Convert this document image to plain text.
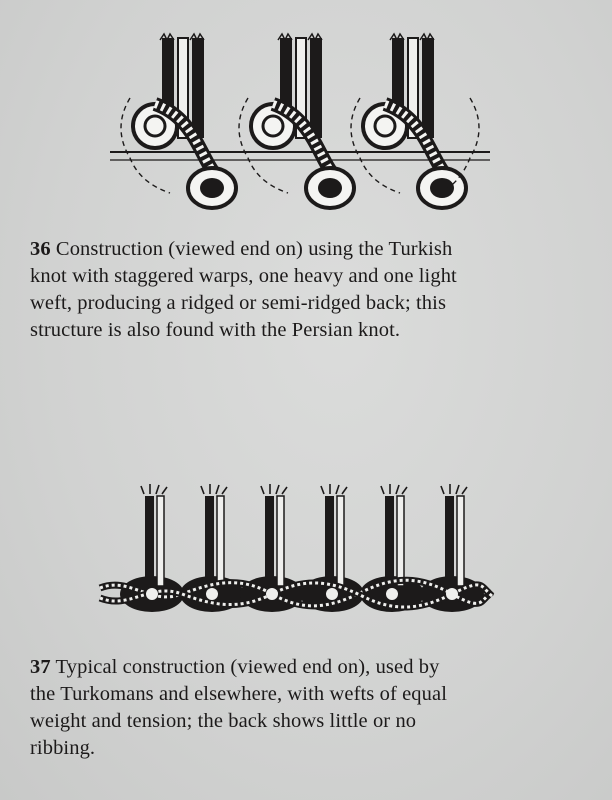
36 Construction (viewed end on) using the Turkish
knot with staggered warps, one heavy and one light
weft, producing a ridged or semi-ridged back; this
structure is also found with the Persian knot.
37 Typical construction (viewed end on), used by
the Turkomans and elsewhere, with wefts of equal
weight and tension; the back shows little or no
ribbing.
